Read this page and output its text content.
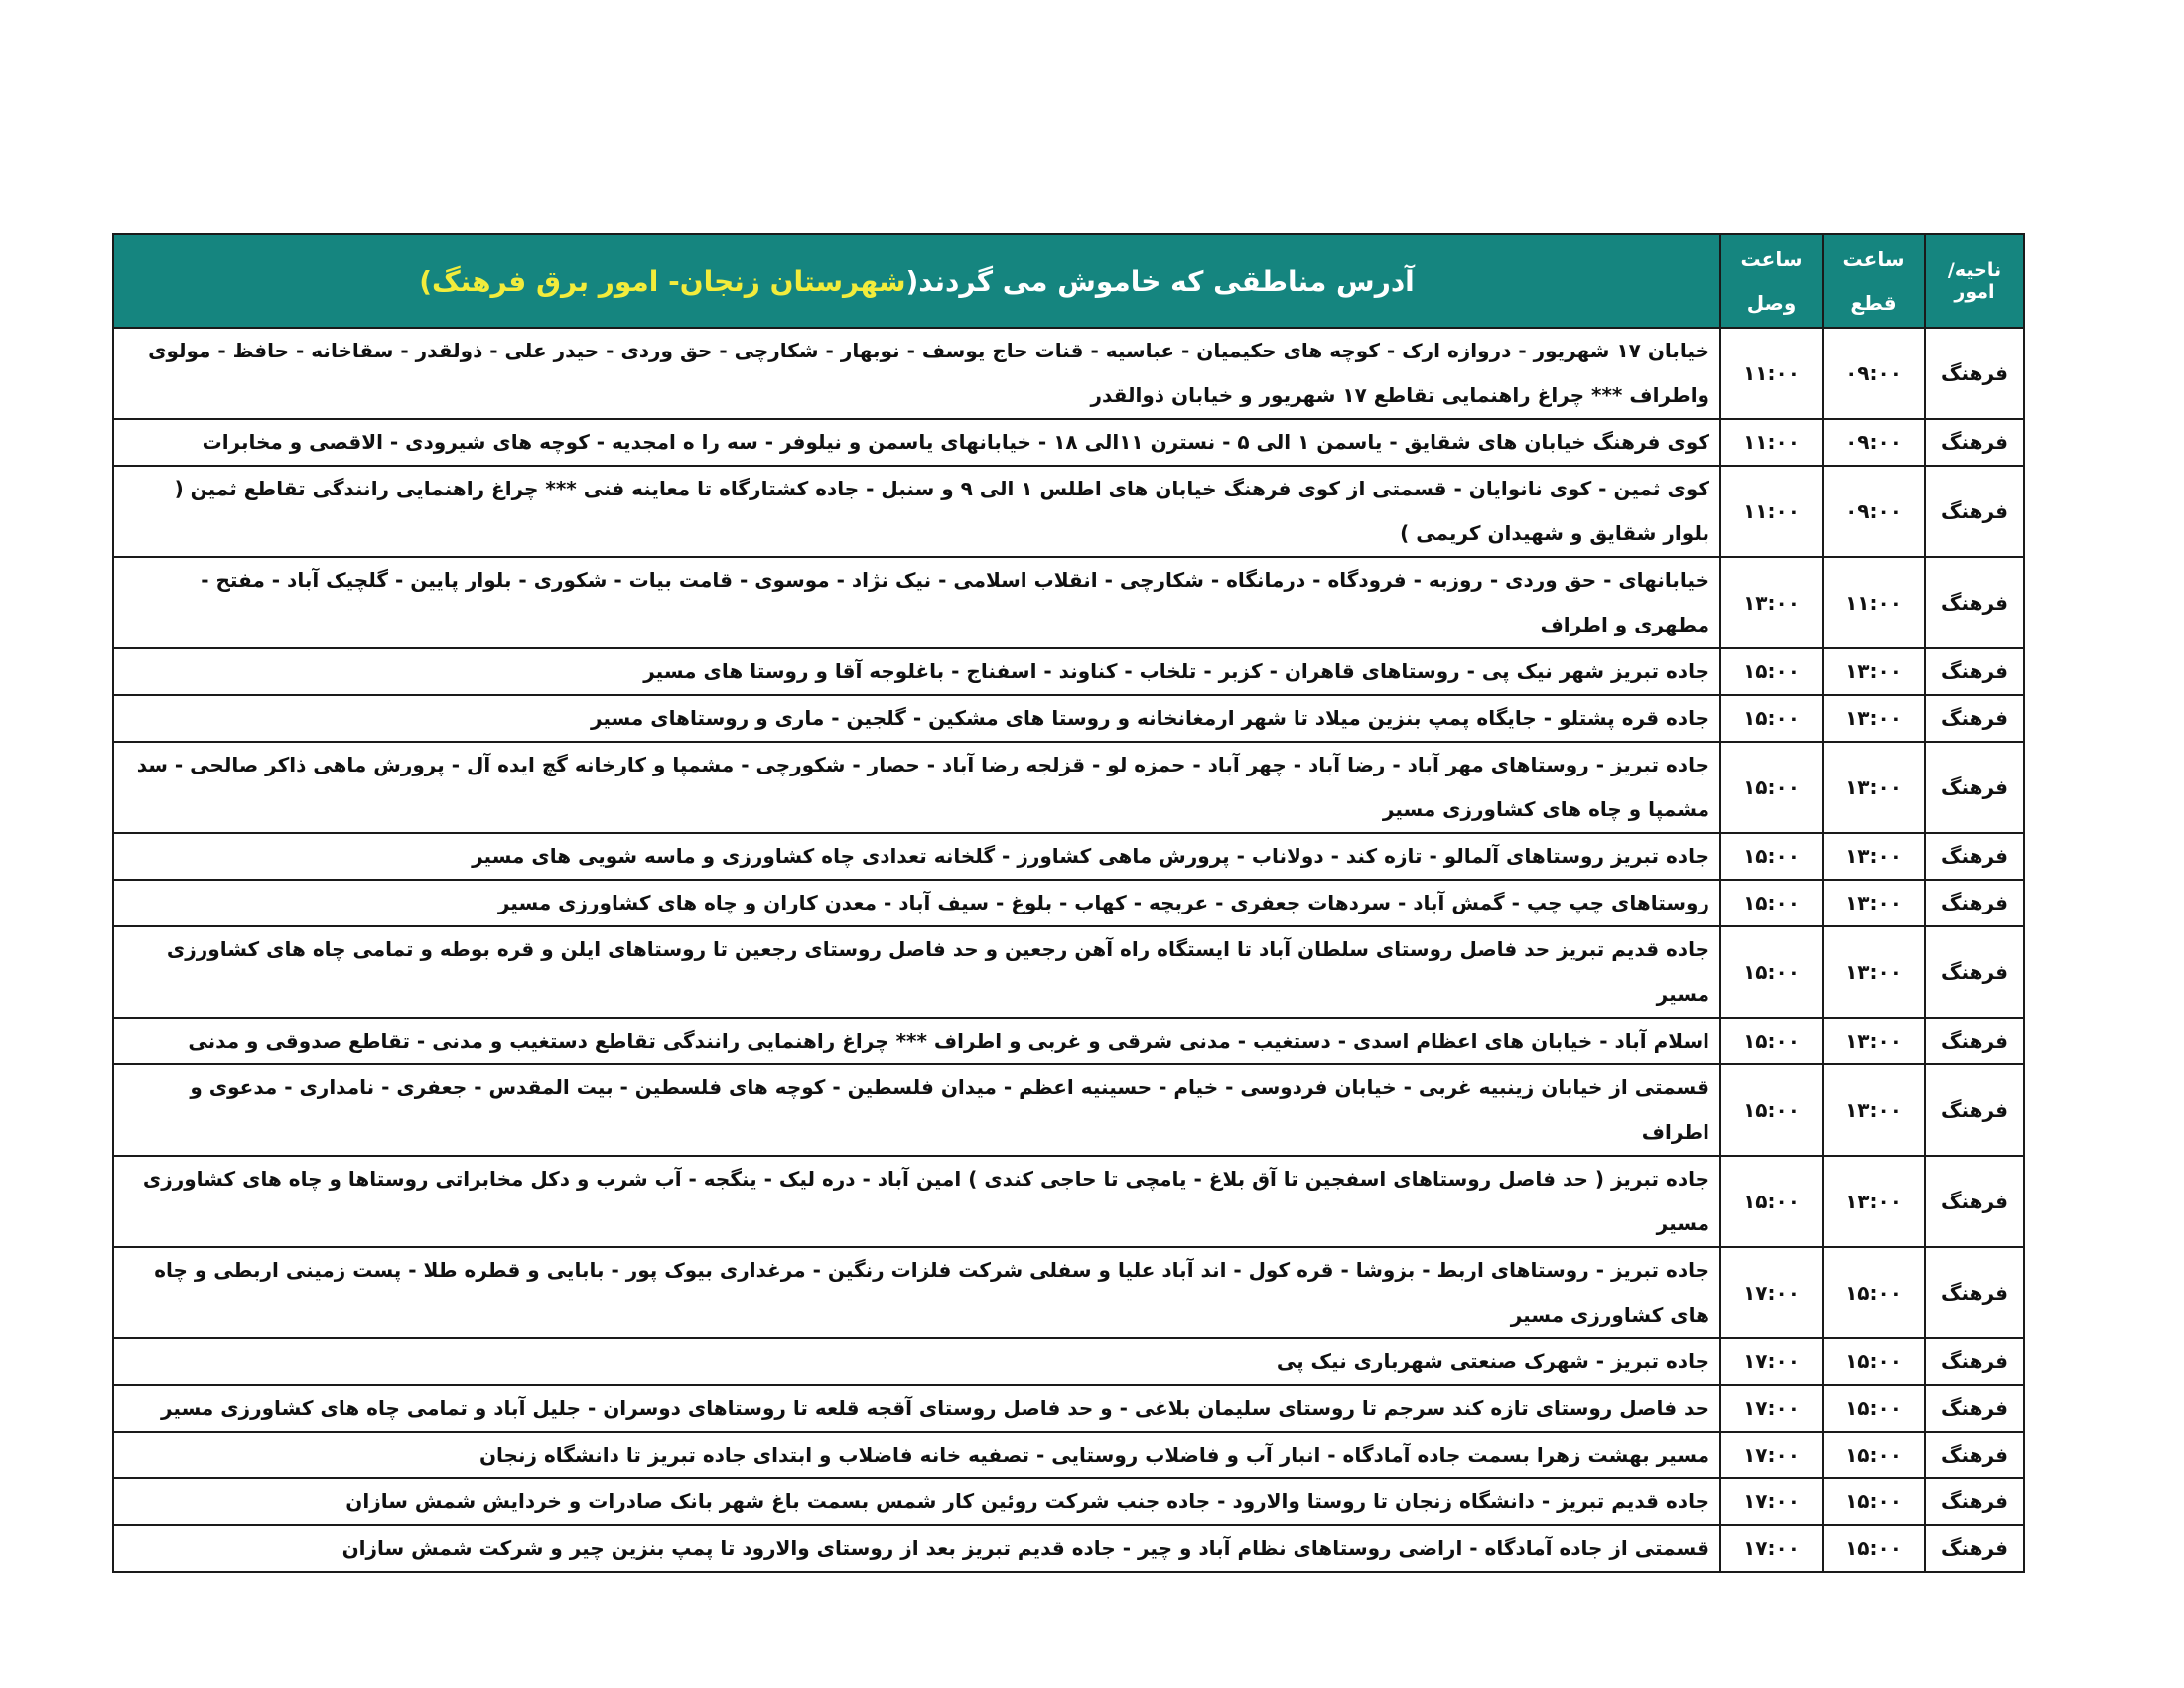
ناحیه/امور	ساعت قطع	ساعت وصل	آدرس مناطقی که خاموش می گردند(شهرستان زنجان- امور برق فرهنگ)
فرهنگ	۰۹:۰۰	۱۱:۰۰	خیابان ۱۷ شهریور - دروازه ارک - کوچه های حکیمیان - عباسیه - قنات حاج یوسف - نوبهار - شکارچی - حق وردی - حیدر علی - ذولقدر - سقاخانه - حافظ - مولوی واطراف *** چراغ راهنمایی تقاطع ۱۷ شهریور و خیابان ذوالقدر
فرهنگ	۰۹:۰۰	۱۱:۰۰	کوی فرهنگ خیابان های شقایق - یاسمن ۱ الی ۵ - نسترن ۱۱الی ۱۸ - خیابانهای یاسمن و نیلوفر - سه را ه امجدیه - کوچه های شیرودی - الاقصی و مخابرات
فرهنگ	۰۹:۰۰	۱۱:۰۰	کوی ثمین - کوی نانوایان - قسمتی از کوی فرهنگ خیابان های اطلس ۱ الی ۹ و سنبل - جاده کشتارگاه تا معاینه فنی *** چراغ راهنمایی رانندگی تقاطع ثمین ( بلوار شقایق و شهیدان کریمی )
فرهنگ	۱۱:۰۰	۱۳:۰۰	خیابانهای - حق وردی - روزبه - فرودگاه - درمانگاه - شکارچی - انقلاب اسلامی - نیک نژاد - موسوی - قامت بیات - شکوری - بلوار پایین - گلچیک آباد - مفتح - مطهری و اطراف
فرهنگ	۱۳:۰۰	۱۵:۰۰	جاده تبریز شهر نیک پی - روستاهای قاهران - کزبر - تلخاب - کناوند - اسفناج - باغلوجه آقا و روستا های مسیر
فرهنگ	۱۳:۰۰	۱۵:۰۰	جاده قره پشتلو - جایگاه پمپ بنزین میلاد تا شهر ارمغانخانه و روستا های مشکین - گلجین - ماری و روستاهای مسیر
فرهنگ	۱۳:۰۰	۱۵:۰۰	جاده تبریز - روستاهای مهر آباد - رضا آباد - چهر آباد - حمزه لو - قزلجه رضا آباد - حصار - شکورچی - مشمپا و کارخانه گچ ایده آل - پرورش ماهی ذاکر صالحی - سد مشمپا و چاه های کشاورزی مسیر
فرهنگ	۱۳:۰۰	۱۵:۰۰	جاده تبریز روستاهای آلمالو - تازه کند - دولاناب - پرورش ماهی کشاورز - گلخانه تعدادی چاه کشاورزی و ماسه شویی های مسیر
فرهنگ	۱۳:۰۰	۱۵:۰۰	روستاهای چپ چپ - گمش آباد - سردهات جعفری - عربچه - کهاب - بلوغ - سیف آباد - معدن کاران و چاه های کشاورزی مسیر
فرهنگ	۱۳:۰۰	۱۵:۰۰	جاده قدیم تبریز حد فاصل روستای سلطان آباد تا ایستگاه راه آهن رجعین و حد فاصل روستای رجعین تا روستاهای ایلن و قره بوطه و تمامی چاه های کشاورزی مسیر
فرهنگ	۱۳:۰۰	۱۵:۰۰	اسلام آباد - خیابان های اعظام اسدی - دستغیب - مدنی شرقی و غربی و اطراف *** چراغ راهنمایی رانندگی تقاطع دستغیب و مدنی - تقاطع صدوقی و مدنی
فرهنگ	۱۳:۰۰	۱۵:۰۰	قسمتی از خیابان زینبیه غربی - خیابان فردوسی - خیام - حسینیه اعظم - میدان فلسطین - کوچه های فلسطین - بیت المقدس - جعفری - نامداری - مدعوی و اطراف
فرهنگ	۱۳:۰۰	۱۵:۰۰	جاده تبریز ( حد فاصل روستاهای اسفجین تا آق بلاغ - یامچی تا حاجی کندی ) امین آباد - دره لیک - ینگجه - آب شرب و دکل مخابراتی روستاها و چاه های کشاورزی مسیر
فرهنگ	۱۵:۰۰	۱۷:۰۰	جاده تبریز - روستاهای اربط - بزوشا - قره کول - اند آباد علیا و سفلی شرکت فلزات رنگین - مرغداری بیوک پور - بابایی و قطره طلا - پست زمینی اربطی و چاه های کشاورزی مسیر
فرهنگ	۱۵:۰۰	۱۷:۰۰	جاده تبریز - شهرک صنعتی شهرباری نیک پی
فرهنگ	۱۵:۰۰	۱۷:۰۰	حد فاصل روستای تازه کند سرجم تا روستای سلیمان بلاغی - و حد فاصل روستای آقجه قلعه تا روستاهای دوسران - جلیل آباد و تمامی چاه های کشاورزی مسیر
فرهنگ	۱۵:۰۰	۱۷:۰۰	مسیر بهشت زهرا بسمت جاده آمادگاه - انبار آب و فاضلاب روستایی - تصفیه خانه فاضلاب و ابتدای جاده تبریز تا دانشگاه زنجان
فرهنگ	۱۵:۰۰	۱۷:۰۰	جاده قدیم تبریز - دانشگاه زنجان تا روستا والارود - جاده جنب شرکت روئین کار شمس بسمت باغ شهر بانک صادرات و خردایش شمش سازان
فرهنگ	۱۵:۰۰	۱۷:۰۰	قسمتی از جاده آمادگاه - اراضی روستاهای نظام آباد و چیر - جاده قدیم تبریز بعد از روستای والارود تا پمپ بنزین چیر و شرکت شمش سازان
